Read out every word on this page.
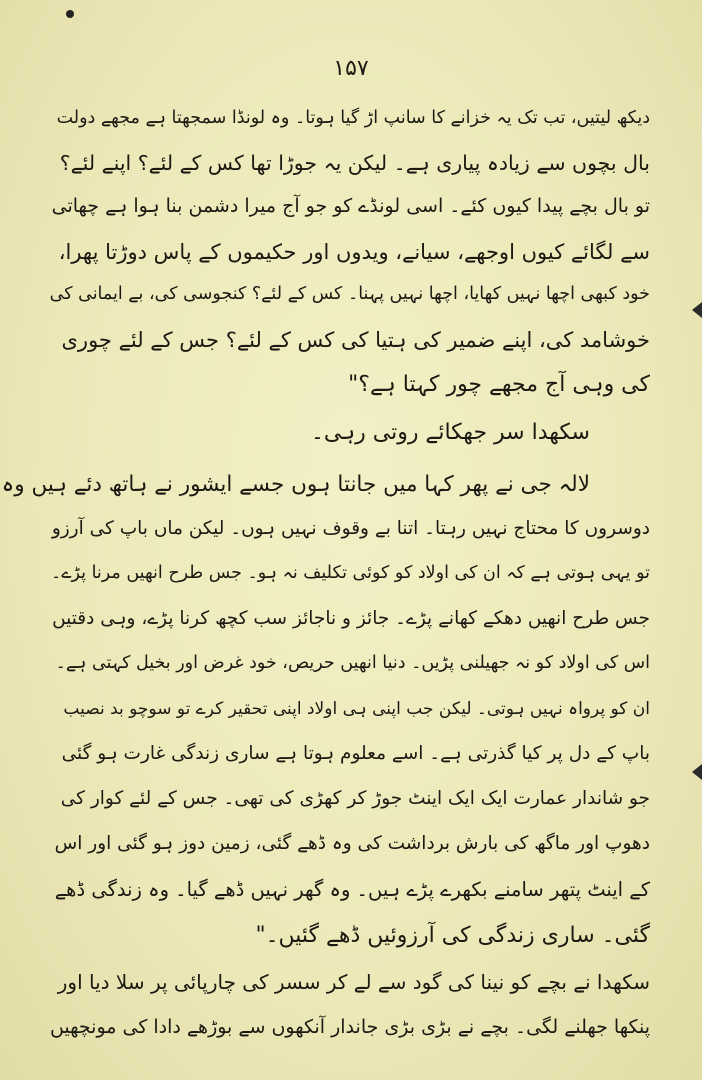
۱۵۷
دیکھ لیتیں، تب تک یہ خزانے کا سانپ اڑ گیا ہوتا۔ وہ لونڈا سمجھتا ہے مجھے دولت
بال بچوں سے زیادہ پیاری ہے۔ لیکن یہ جوڑا تھا کس کے لئے؟ اپنے لئے؟
تو بال بچے پیدا کیوں کئے۔ اسی لونڈے کو جو آج میرا دشمن بنا ہوا ہے چھاتی
سے لگائے کیوں اوجھے، سیانے، ویدوں اور حکیموں کے پاس دوڑتا پھرا،
خود کبھی اچھا نہیں کھایا، اچھا نہیں پہنا۔ کس کے لئے؟ کنجوسی کی، بے ایمانی کی
خوشامد کی، اپنے ضمیر کی ہتیا کی کس کے لئے؟ جس کے لئے چوری
کی وہی آج مجھے چور کہتا ہے؟"
سکھدا سر جھکائے روتی رہی۔
لالہ جی نے پھر کہا میں جانتا ہوں جسے ایشور نے ہاتھ دئے ہیں وہ
دوسروں کا محتاج نہیں رہتا۔ اتنا بے وقوف نہیں ہوں۔ لیکن ماں باپ کی آرزو
تو یہی ہوتی ہے کہ ان کی اولاد کو کوئی تکلیف نہ ہو۔ جس طرح انھیں مرنا پڑے۔
جس طرح انھیں دھکے کھانے پڑے۔ جائز و ناجائز سب کچھ کرنا پڑے، وہی دقتیں
اس کی اولاد کو نہ جھیلنی پڑیں۔ دنیا انھیں حریص، خود غرض اور بخیل کہتی ہے۔
ان کو پرواہ نہیں ہوتی۔ لیکن جب اپنی ہی اولاد اپنی تحقیر کرے تو سوچو بد نصیب
باپ کے دل پر کیا گذرتی ہے۔ اسے معلوم ہوتا ہے ساری زندگی غارت ہو گئی
جو شاندار عمارت ایک ایک اینٹ جوڑ کر کھڑی کی تھی۔ جس کے لئے کوار کی
دھوپ اور ماگھ کی بارش برداشت کی وہ ڈھے گئی، زمین دوز ہو گئی اور اس
کے اینٹ پتھر سامنے بکھرے پڑے ہیں۔ وہ گھر نہیں ڈھے گیا۔ وہ زندگی ڈھے
گئی۔ ساری زندگی کی آرزوئیں ڈھے گئیں۔"
سکھدا نے بچے کو نینا کی گود سے لے کر سسر کی چارپائی پر سلا دیا اور
پنکھا جھلنے لگی۔ بچے نے بڑی بڑی جاندار آنکھوں سے بوڑھے دادا کی مونچھیں
